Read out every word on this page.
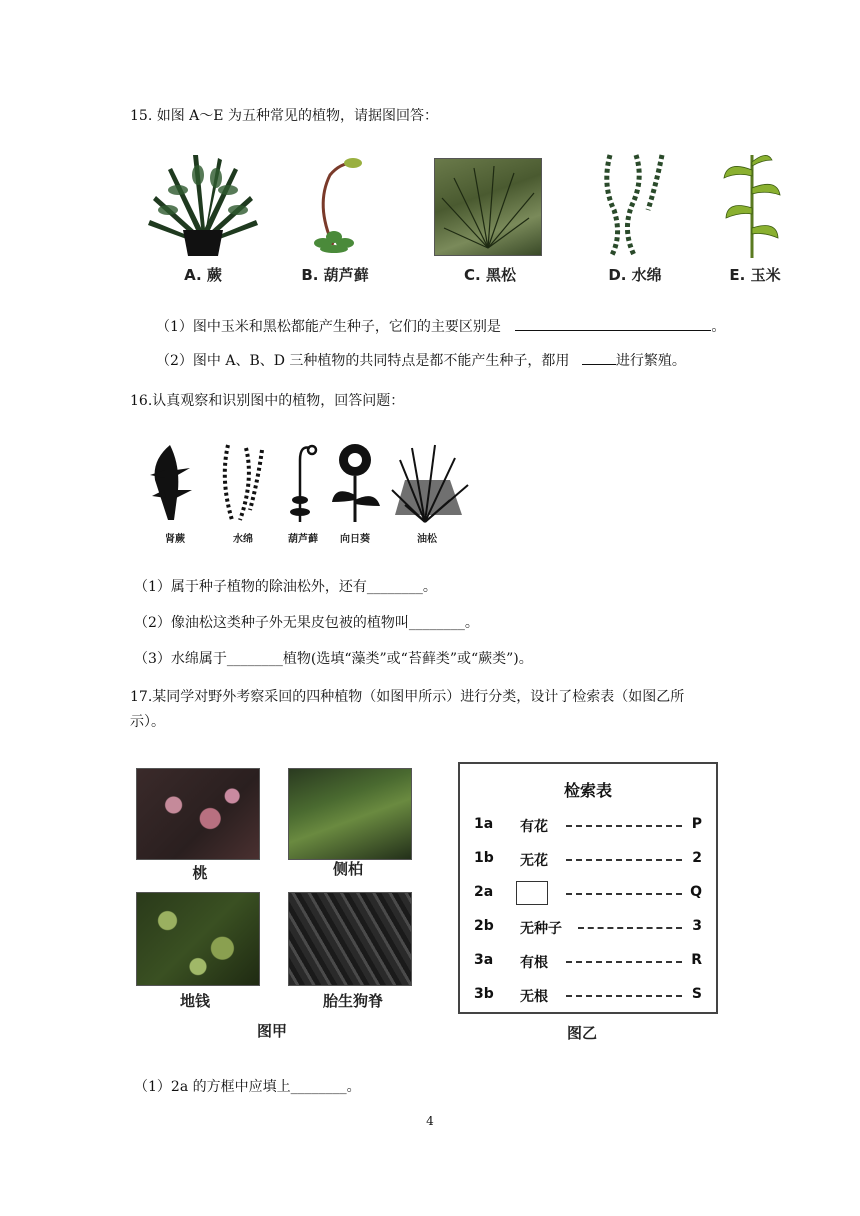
15. 如图 A～E 为五种常见的植物，请据图回答：
A. 蕨	B. 葫芦藓	C. 黑松	D. 水绵	E. 玉米
（1）图中玉米和黑松都能产生种子，它们的主要区别是	。
（2）图中 A、B、D 三种植物的共同特点是都不能产生种子，都用	进行繁殖。
16.认真观察和识别图中的植物，回答问题：
肾蕨	水绵	葫芦藓	向日葵	油松
（1）属于种子植物的除油松外，还有________。
（2）像油松这类种子外无果皮包被的植物叫________。
（3）水绵属于________植物(选填“藻类”或“苔藓类”或“蕨类”)。
17.某同学对野外考察采回的四种植物（如图甲所示）进行分类，设计了检索表（如图乙所
示）。
桃	侧柏
地钱	胎生狗脊
图甲
检索表
1a 有花	P
1b 无花	2
2a	Q
2b 无种子	3
3a 有根	R
3b 无根	S
图乙
（1）2a 的方框中应填上________。
4
